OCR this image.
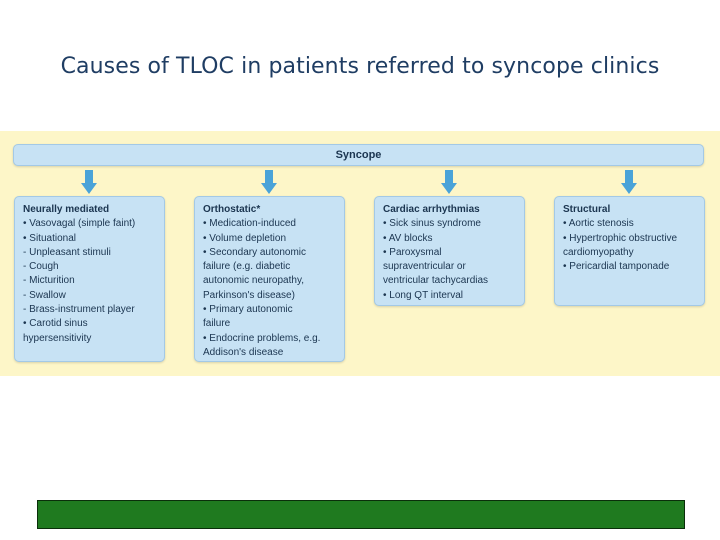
Causes of TLOC in patients referred to syncope clinics
Syncope
Neurally mediated
• Vasovagal (simple faint)
• Situational
- Unpleasant stimuli
- Cough
- Micturition
- Swallow
- Brass-instrument player
• Carotid sinus
hypersensitivity
Orthostatic*
• Medication-induced
• Volume depletion
• Secondary autonomic
failure (e.g. diabetic
autonomic neuropathy,
Parkinson's disease)
• Primary autonomic
failure
• Endocrine problems, e.g.
Addison's disease
Cardiac arrhythmias
• Sick sinus syndrome
• AV blocks
• Paroxysmal
supraventricular or
ventricular tachycardias
• Long QT interval
Structural
• Aortic stenosis
• Hypertrophic obstructive
cardiomyopathy
• Pericardial tamponade
